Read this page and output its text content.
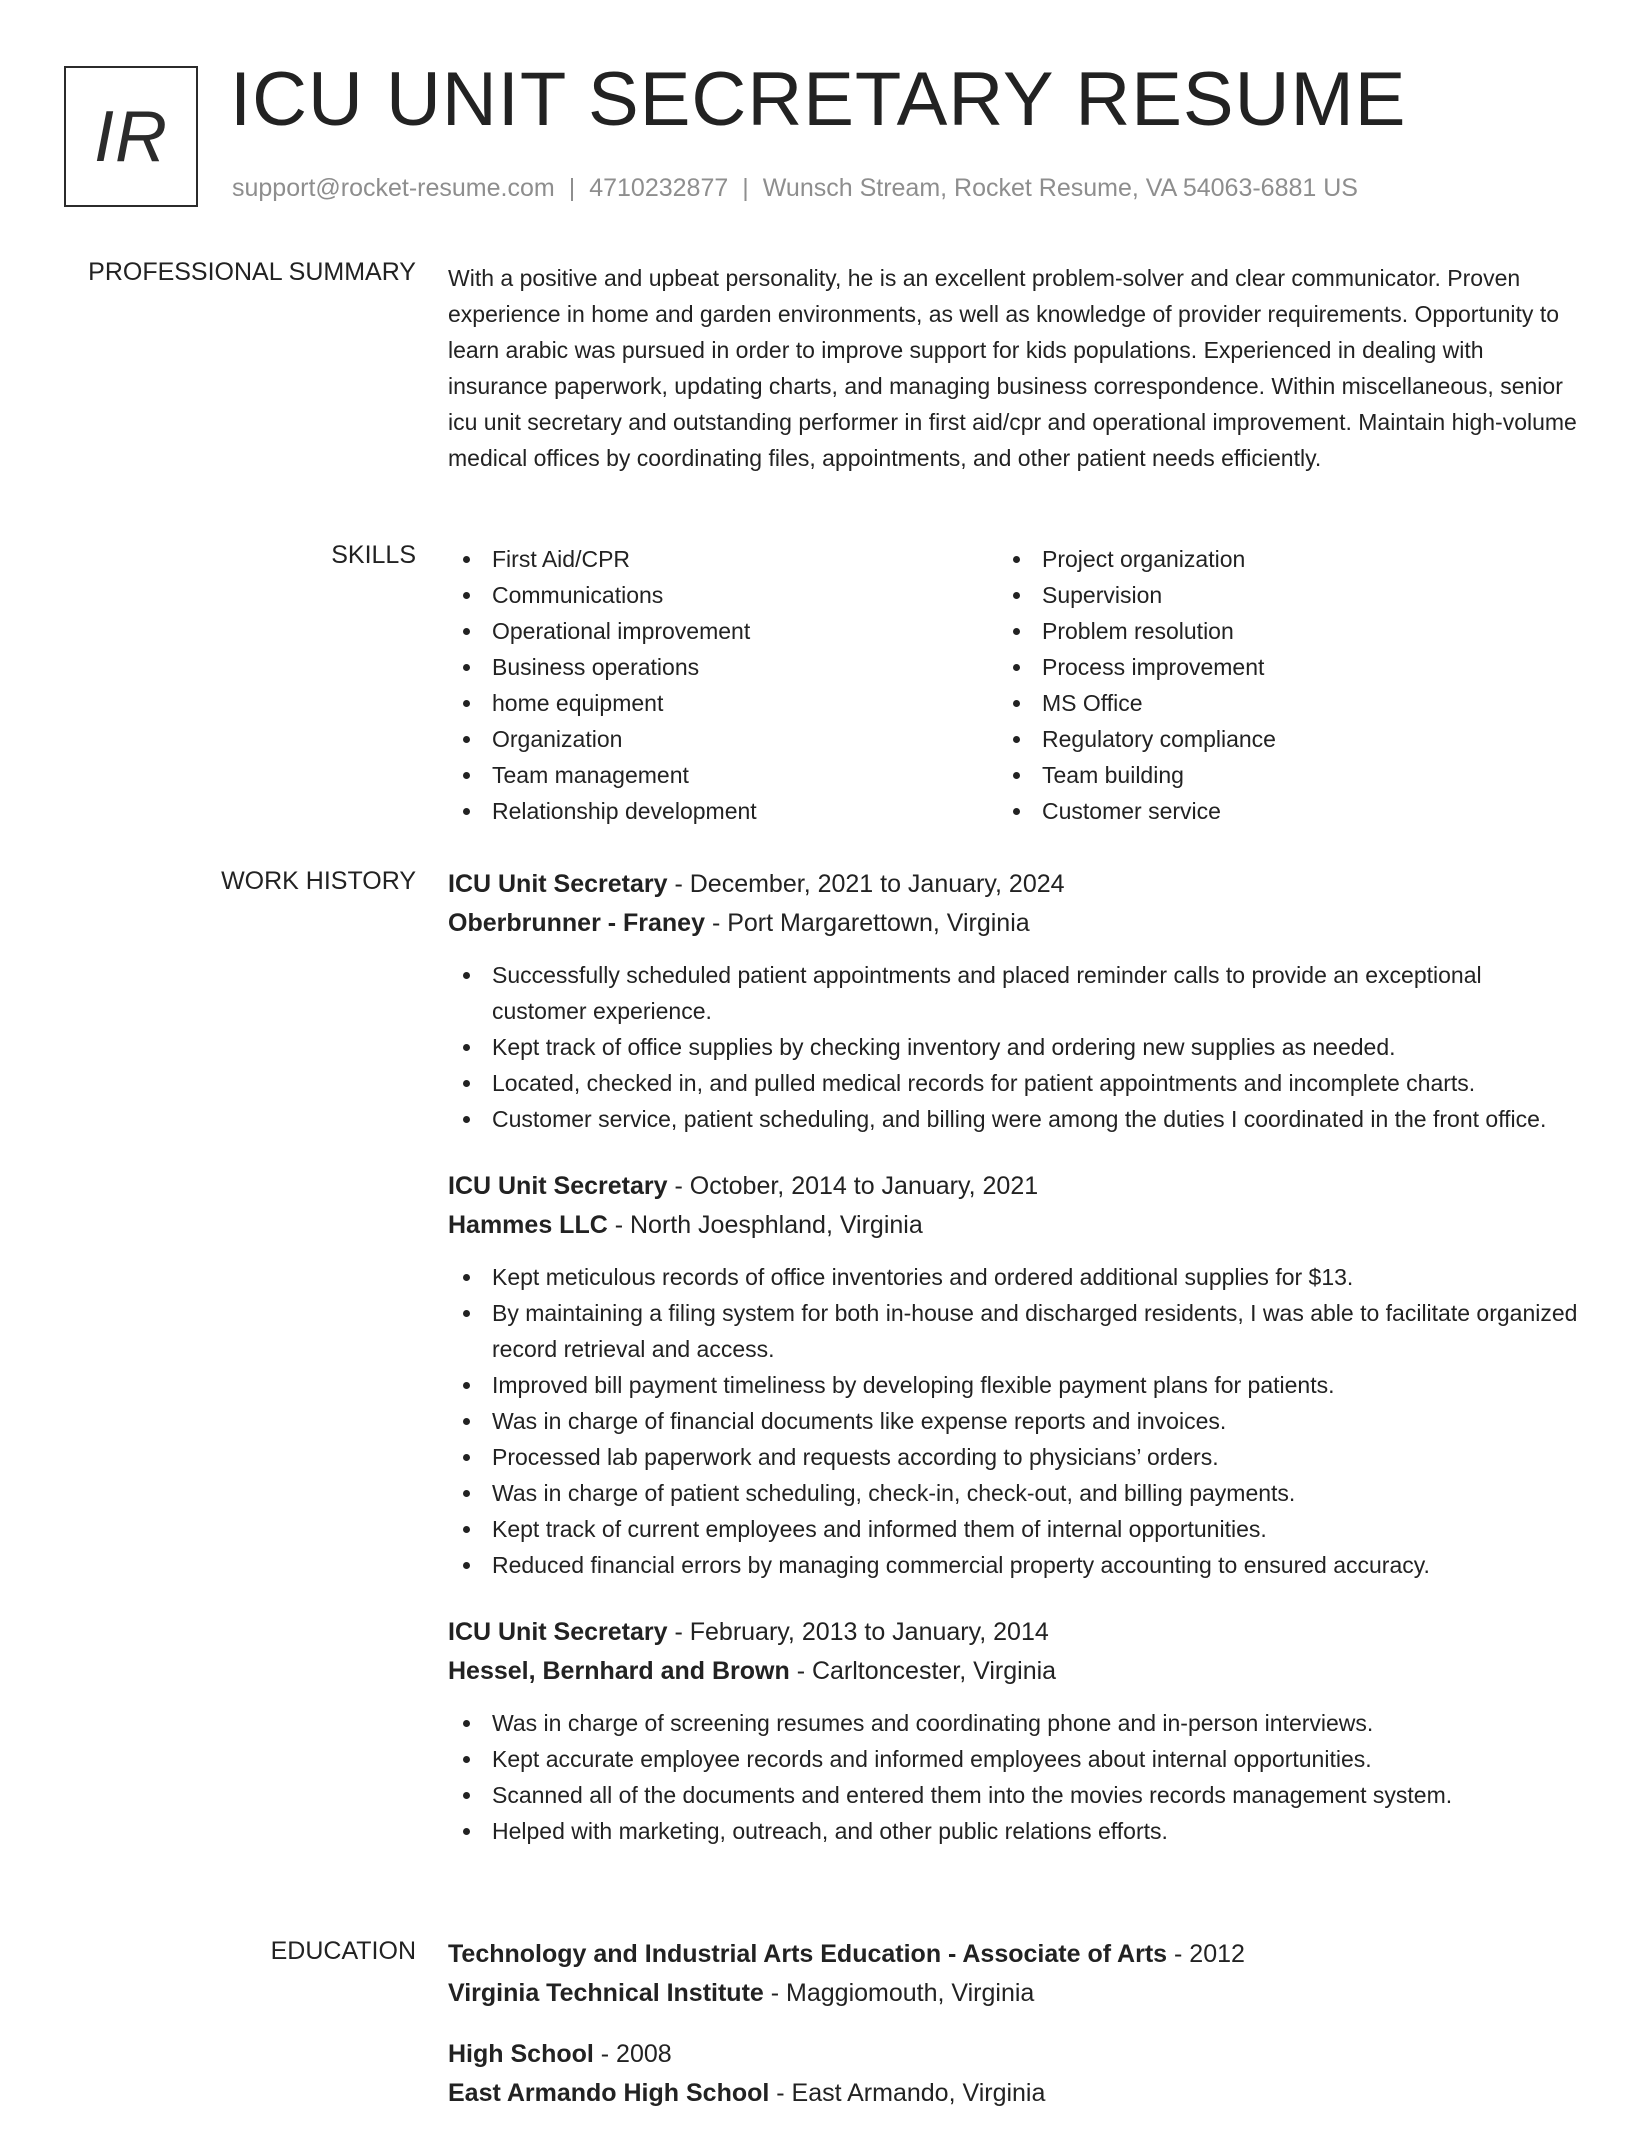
IR ICU UNIT SECRETARY RESUME
support@rocket-resume.com | 4710232877 | Wunsch Stream, Rocket Resume, VA 54063-6881 US
PROFESSIONAL SUMMARY With a positive and upbeat personality, he is an excellent problem-solver and clear communicator. Proven experience in home and garden environments, as well as knowledge of provider requirements. Opportunity to learn arabic was pursued in order to improve support for kids populations. Experienced in dealing with insurance paperwork, updating charts, and managing business correspondence. Within miscellaneous, senior icu unit secretary and outstanding performer in first aid/cpr and operational improvement. Maintain high-volume medical offices by coordinating files, appointments, and other patient needs efficiently.

SKILLS	First Aid/CPR
Communications
Operational improvement
Business operations
home equipment
Organization
Team management
Relationship development
Project organization
Supervision
Problem resolution
Process improvement
MS Office
Regulatory compliance
Team building
Customer service
WORK HISTORY ICU Unit Secretary - December, 2021 to January, 2024

Oberbrunner - Franey - Port Margarettown, Virginia

Successfully scheduled patient appointments and placed reminder calls to provide an exceptional customer experience.
Kept track of office supplies by checking inventory and ordering new supplies as needed.
Located, checked in, and pulled medical records for patient appointments and incomplete charts.
Customer service, patient scheduling, and billing were among the duties I coordinated in the front office.

ICU Unit Secretary - October, 2014 to January, 2021

Hammes LLC - North Joesphland, Virginia

Kept meticulous records of office inventories and ordered additional supplies for $13.
By maintaining a filing system for both in-house and discharged residents, I was able to facilitate organized record retrieval and access.
Improved bill payment timeliness by developing flexible payment plans for patients.
Was in charge of financial documents like expense reports and invoices.
Processed lab paperwork and requests according to physicians’ orders.
Was in charge of patient scheduling, check-in, check-out, and billing payments.
Kept track of current employees and informed them of internal opportunities.
Reduced financial errors by managing commercial property accounting to ensured accuracy.

ICU Unit Secretary - February, 2013 to January, 2014

Hessel, Bernhard and Brown - Carltoncester, Virginia

Was in charge of screening resumes and coordinating phone and in-person interviews.
Kept accurate employee records and informed employees about internal opportunities.
Scanned all of the documents and entered them into the movies records management system.
Helped with marketing, outreach, and other public relations efforts.
EDUCATION Technology and Industrial Arts Education - Associate of Arts - 2012

Virginia Technical Institute - Maggiomouth, Virginia

High School - 2008

East Armando High School - East Armando, Virginia
